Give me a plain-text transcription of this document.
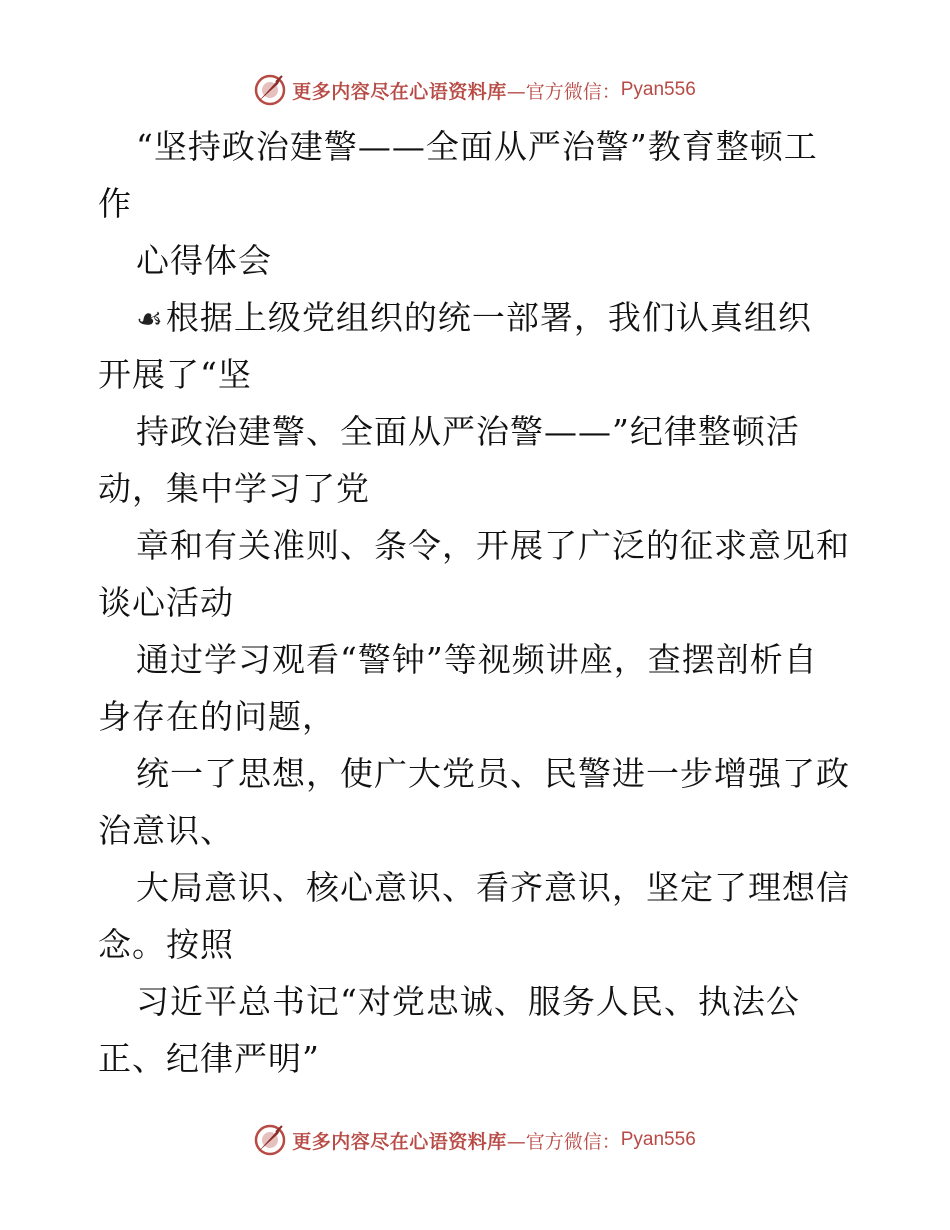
更多内容尽在心语资料库 —官方微信： Pyan556
“坚持政治建警——全面从严治警”教育整顿工
作
心得体会
☙根据上级党组织的统一部署，我们认真组织
开展了“坚
持政治建警、全面从严治警——”纪律整顿活
动，集中学习了党
章和有关准则、条令，开展了广泛的征求意见和
谈心活动
通过学习观看“警钟”等视频讲座，查摆剖析自
身存在的问题，
统一了思想，使广大党员、民警进一步增强了政
治意识、
大局意识、核心意识、看齐意识，坚定了理想信
念。按照
习近平总书记“对党忠诚、服务人民、执法公
正、纪律严明”
更多内容尽在心语资料库 —官方微信： Pyan556
